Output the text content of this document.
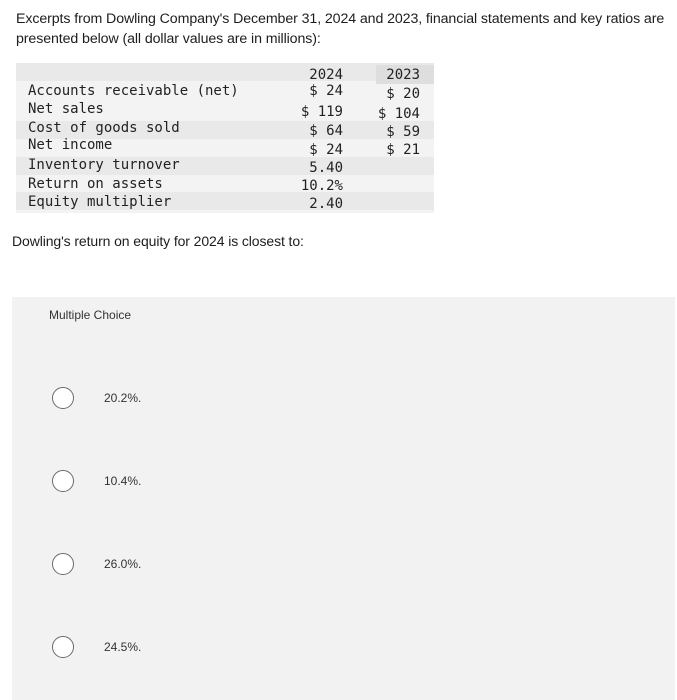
Excerpts from Dowling Company's December 31, 2024 and 2023, financial statements and key ratios are presented below (all dollar values are in millions):
2024	2023
Accounts receivable (net)	$ 24	$ 20
Net sales	$ 119 $ 104
Cost of goods sold	$ 64	$ 59
Net income	$ 24	$ 21
Inventory turnover	5.40
Return on assets	10.2%
Equity multiplier	2.40
Dowling's return on equity for 2024 is closest to:
Multiple Choice
20.2%.
10.4%.
26.0%.
24.5%.
